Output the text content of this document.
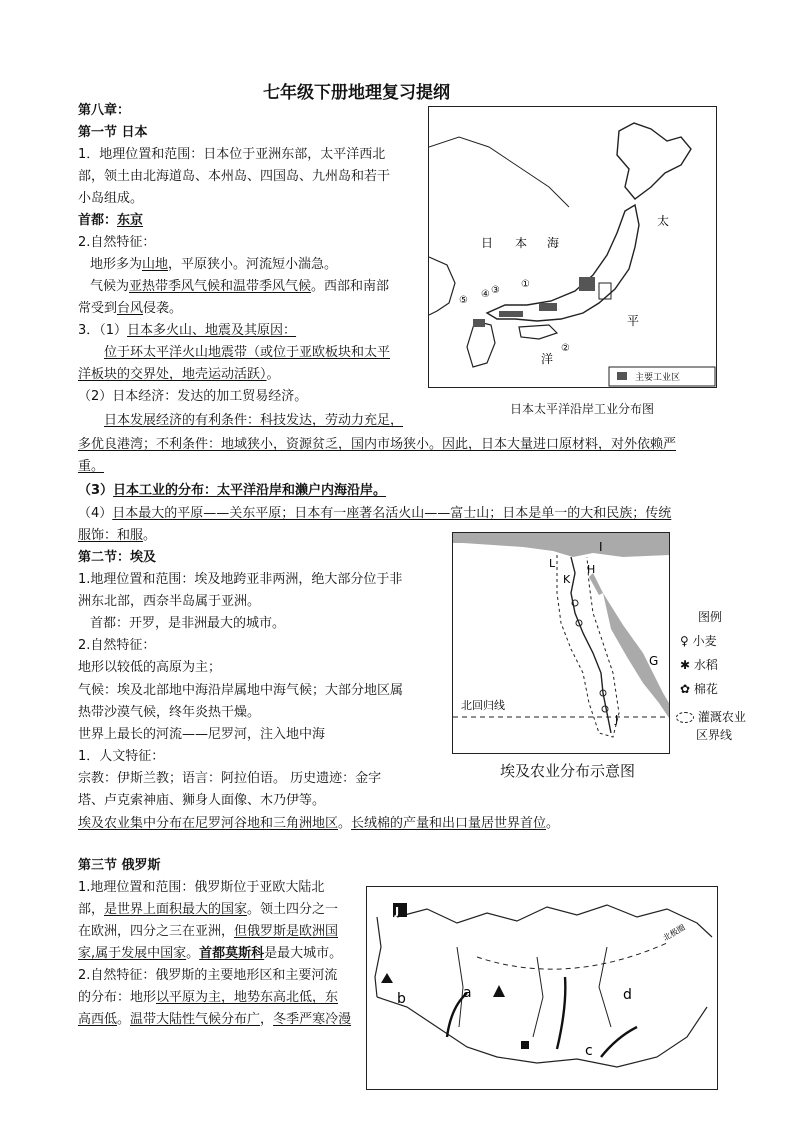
七年级下册地理复习提纲
第八章：
第一节 日本
1．地理位置和范围：日本位于亚洲东部，太平洋西北
部，领土由北海道岛、本州岛、四国岛、九州岛和若干
小岛组成。
首都：东京
2.自然特征：
地形多为山地，平原狭小。河流短小湍急。
气候为亚热带季风气候和温带季风气候。西部和南部
常受到台风侵袭。
3．（1）日本多火山、地震及其原因：
位于环太平洋火山地震带（或位于亚欧板块和太平
洋板块的交界处，地壳运动活跃）。
（2）日本经济：发达的加工贸易经济。
日本发展经济的有利条件：科技发达，劳动力充足，
多优良港湾；不利条件：地域狭小，资源贫乏，国内市场狭小。因此，日本大量进口原材料，对外依赖严
重。
（3）日本工业的分布：太平洋沿岸和濑户内海沿岸。
（4）日本最大的平原——关东平原；日本有一座著名活火山——富士山；日本是单一的大和民族；传统
服饰：和服。
①
②
③
④
⑤
日 本 海
太
平
洋
主要工业区
日本太平洋沿岸工业分布图
第二节：埃及
1.地理位置和范围：埃及地跨亚非两洲，绝大部分位于非
洲东北部，西奈半岛属于亚洲。
首都：开罗，是非洲最大的城市。
2.自然特征：
地形以较低的高原为主；
气候：埃及北部地中海沿岸属地中海气候；大部分地区属
热带沙漠气候，终年炎热干燥。
世界上最长的河流——尼罗河，注入地中海
1．人文特征：
宗教：伊斯兰教；语言：阿拉伯语。 历史遗迹：金字
塔、卢克索神庙、狮身人面像、木乃伊等。
埃及农业集中分布在尼罗河谷地和三角洲地区。长绒棉的产量和出口量居世界首位。
I
L
K
H
G
J
北回归线
埃及农业分布示意图
图例
♀ 小麦
✱ 水稻
✿ 棉花
灌溉农业
区界线
第三节 俄罗斯
1.地理位置和范围：俄罗斯位于亚欧大陆北
部，是世界上面积最大的国家。领土四分之一
在欧洲，四分之三在亚洲，但俄罗斯是欧洲国
家,属于发展中国家。首都莫斯科是最大城市。
2.自然特征：俄罗斯的主要地形区和主要河流
的分布：地形以平原为主，地势东高北低，东
高西低。温带大陆性气候分布广，冬季严寒冷漫
北极圈
J
a
b
c
d
